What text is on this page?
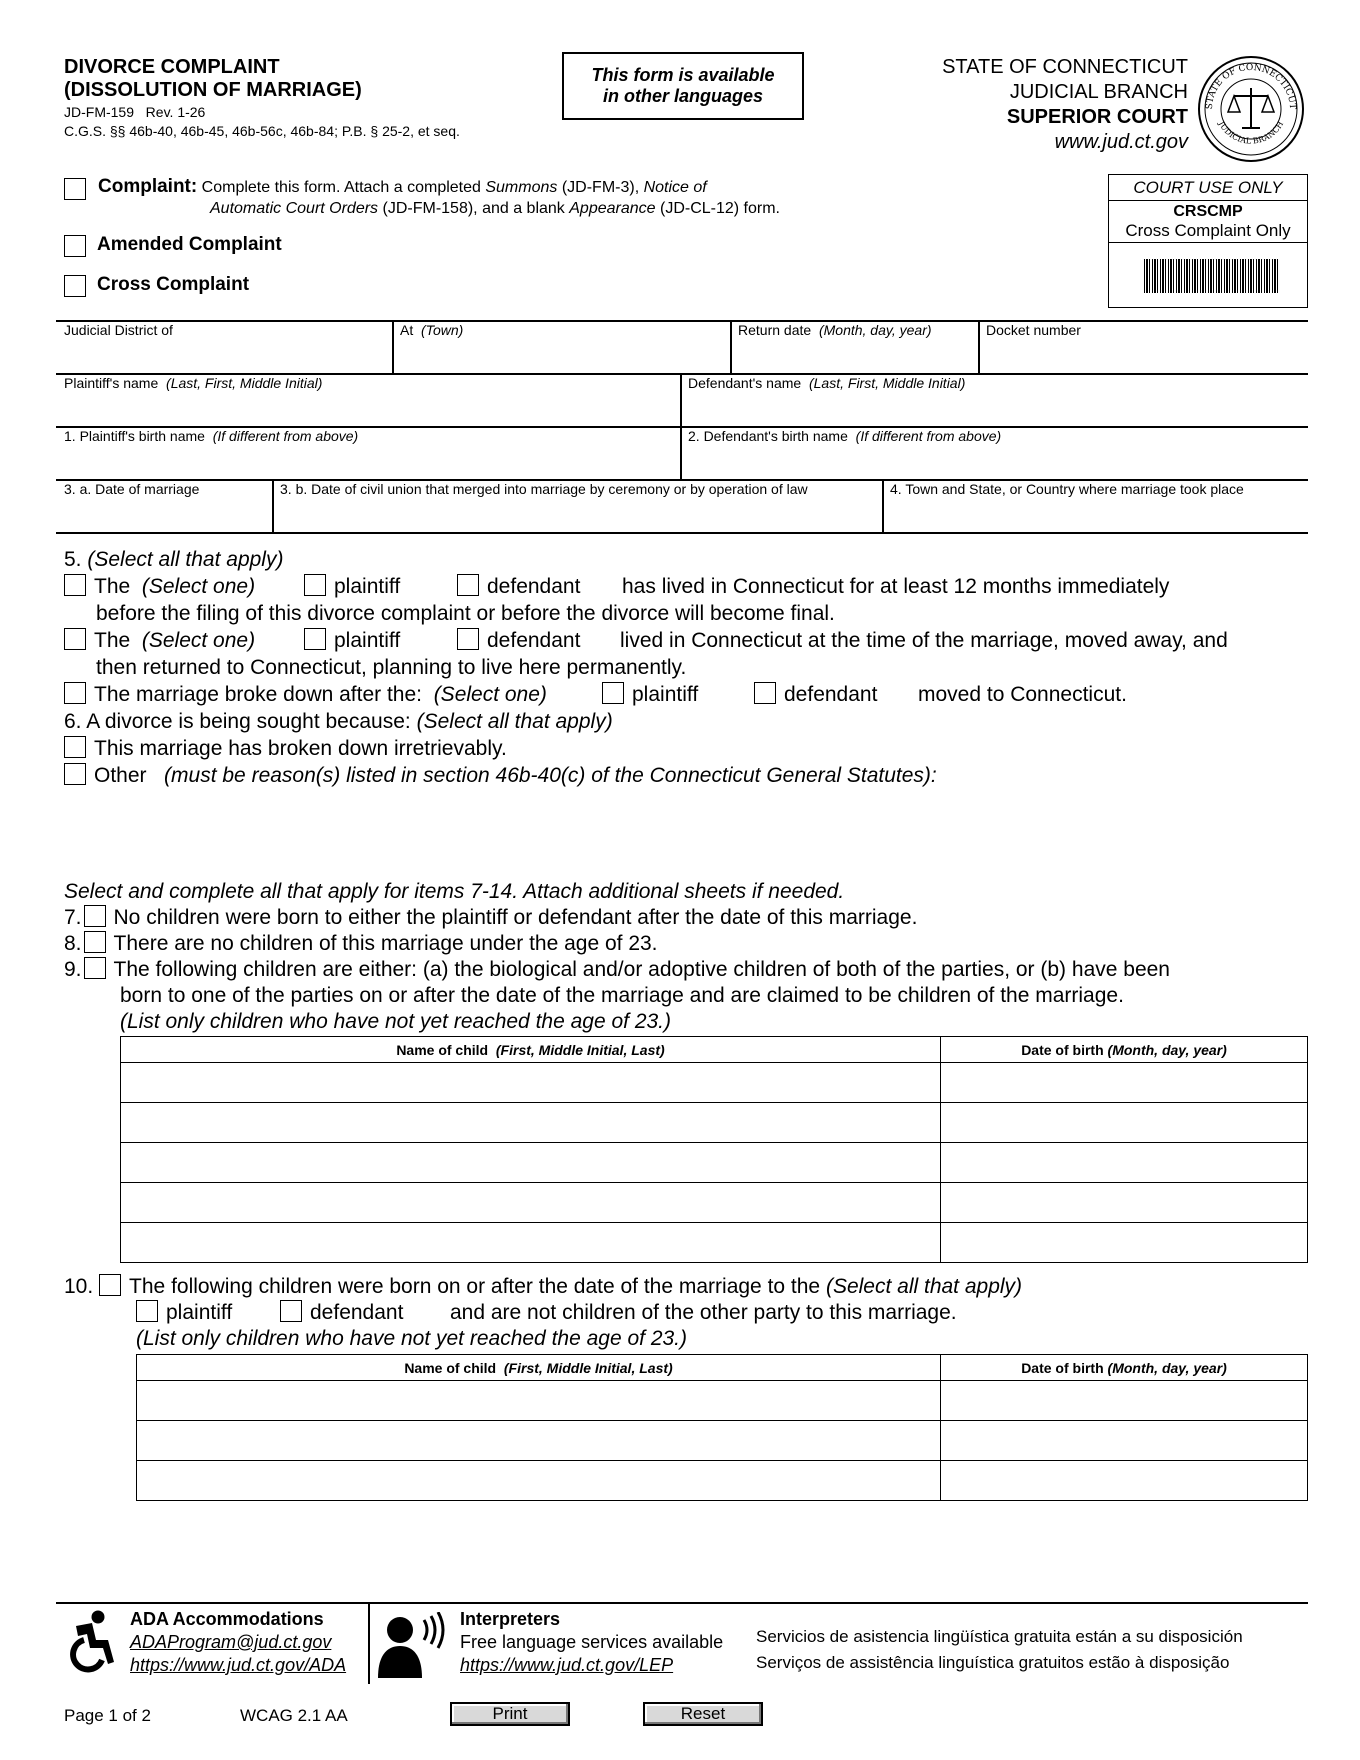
DIVORCE COMPLAINT
(DISSOLUTION OF MARRIAGE)
JD-FM-159   Rev. 1-26
C.G.S. §§ 46b-40, 46b-45, 46b-56c, 46b-84; P.B. § 25-2, et seq.
This form is available
in other languages
STATE OF CONNECTICUT
JUDICIAL BRANCH
SUPERIOR COURT
www.jud.ct.gov
STATE OF CONNECTICUT
JUDICIAL BRANCH
COURT USE ONLY
CRSCMP
Cross Complaint Only
Complaint: Complete this form. Attach a completed Summons (JD-FM-3), Notice of
Automatic Court Orders (JD-FM-158), and a blank Appearance (JD-CL-12) form.
Amended Complaint
Cross Complaint
Judicial District of	At (Town)	Return date (Month, day, year)	Docket number
Plaintiff's name (Last, First, Middle Initial)	Defendant's name (Last, First, Middle Initial)
1. Plaintiff's birth name (If different from above)	2. Defendant's birth name (If different from above)
3. a. Date of marriage	3. b. Date of civil union that merged into marriage by ceremony or by operation of law	4. Town and State, or Country where marriage took place
5. (Select all that apply)
The (Select one)	plaintiff	defendant has lived in Connecticut for at least 12 months immediately
before the filing of this divorce complaint or before the divorce will become final.
The (Select one)	plaintiff	defendant lived in Connecticut at the time of the marriage, moved away, and
then returned to Connecticut, planning to live here permanently.
The marriage broke down after the: (Select one)	plaintiff	defendant moved to Connecticut.
6. A divorce is being sought because: (Select all that apply)
This marriage has broken down irretrievably.
Other (must be reason(s) listed in section 46b-40(c) of the Connecticut General Statutes):
Select and complete all that apply for items 7-14. Attach additional sheets if needed.
7. No children were born to either the plaintiff or defendant after the date of this marriage.
8. There are no children of this marriage under the age of 23.
9. The following children are either: (a) the biological and/or adoptive children of both of the parties, or (b) have been
born to one of the parties on or after the date of the marriage and are claimed to be children of the marriage.
(List only children who have not yet reached the age of 23.)
Name of child (First, Middle Initial, Last)	Date of birth (Month, day, year)

10. The following children were born on or after the date of the marriage to the (Select all that apply)
plaintiff	defendant and are not children of the other party to this marriage.
(List only children who have not yet reached the age of 23.)
Name of child (First, Middle Initial, Last)	Date of birth (Month, day, year)

ADA Accommodations
ADAProgram@jud.ct.gov
https://www.jud.ct.gov/ADA
Interpreters
Free language services available
https://www.jud.ct.gov/LEP
Servicios de asistencia lingüística gratuita están a su disposición
Serviços de assistência linguística gratuitos estão à disposição
Page 1 of 2	WCAG 2.1 AA	Print	Reset
